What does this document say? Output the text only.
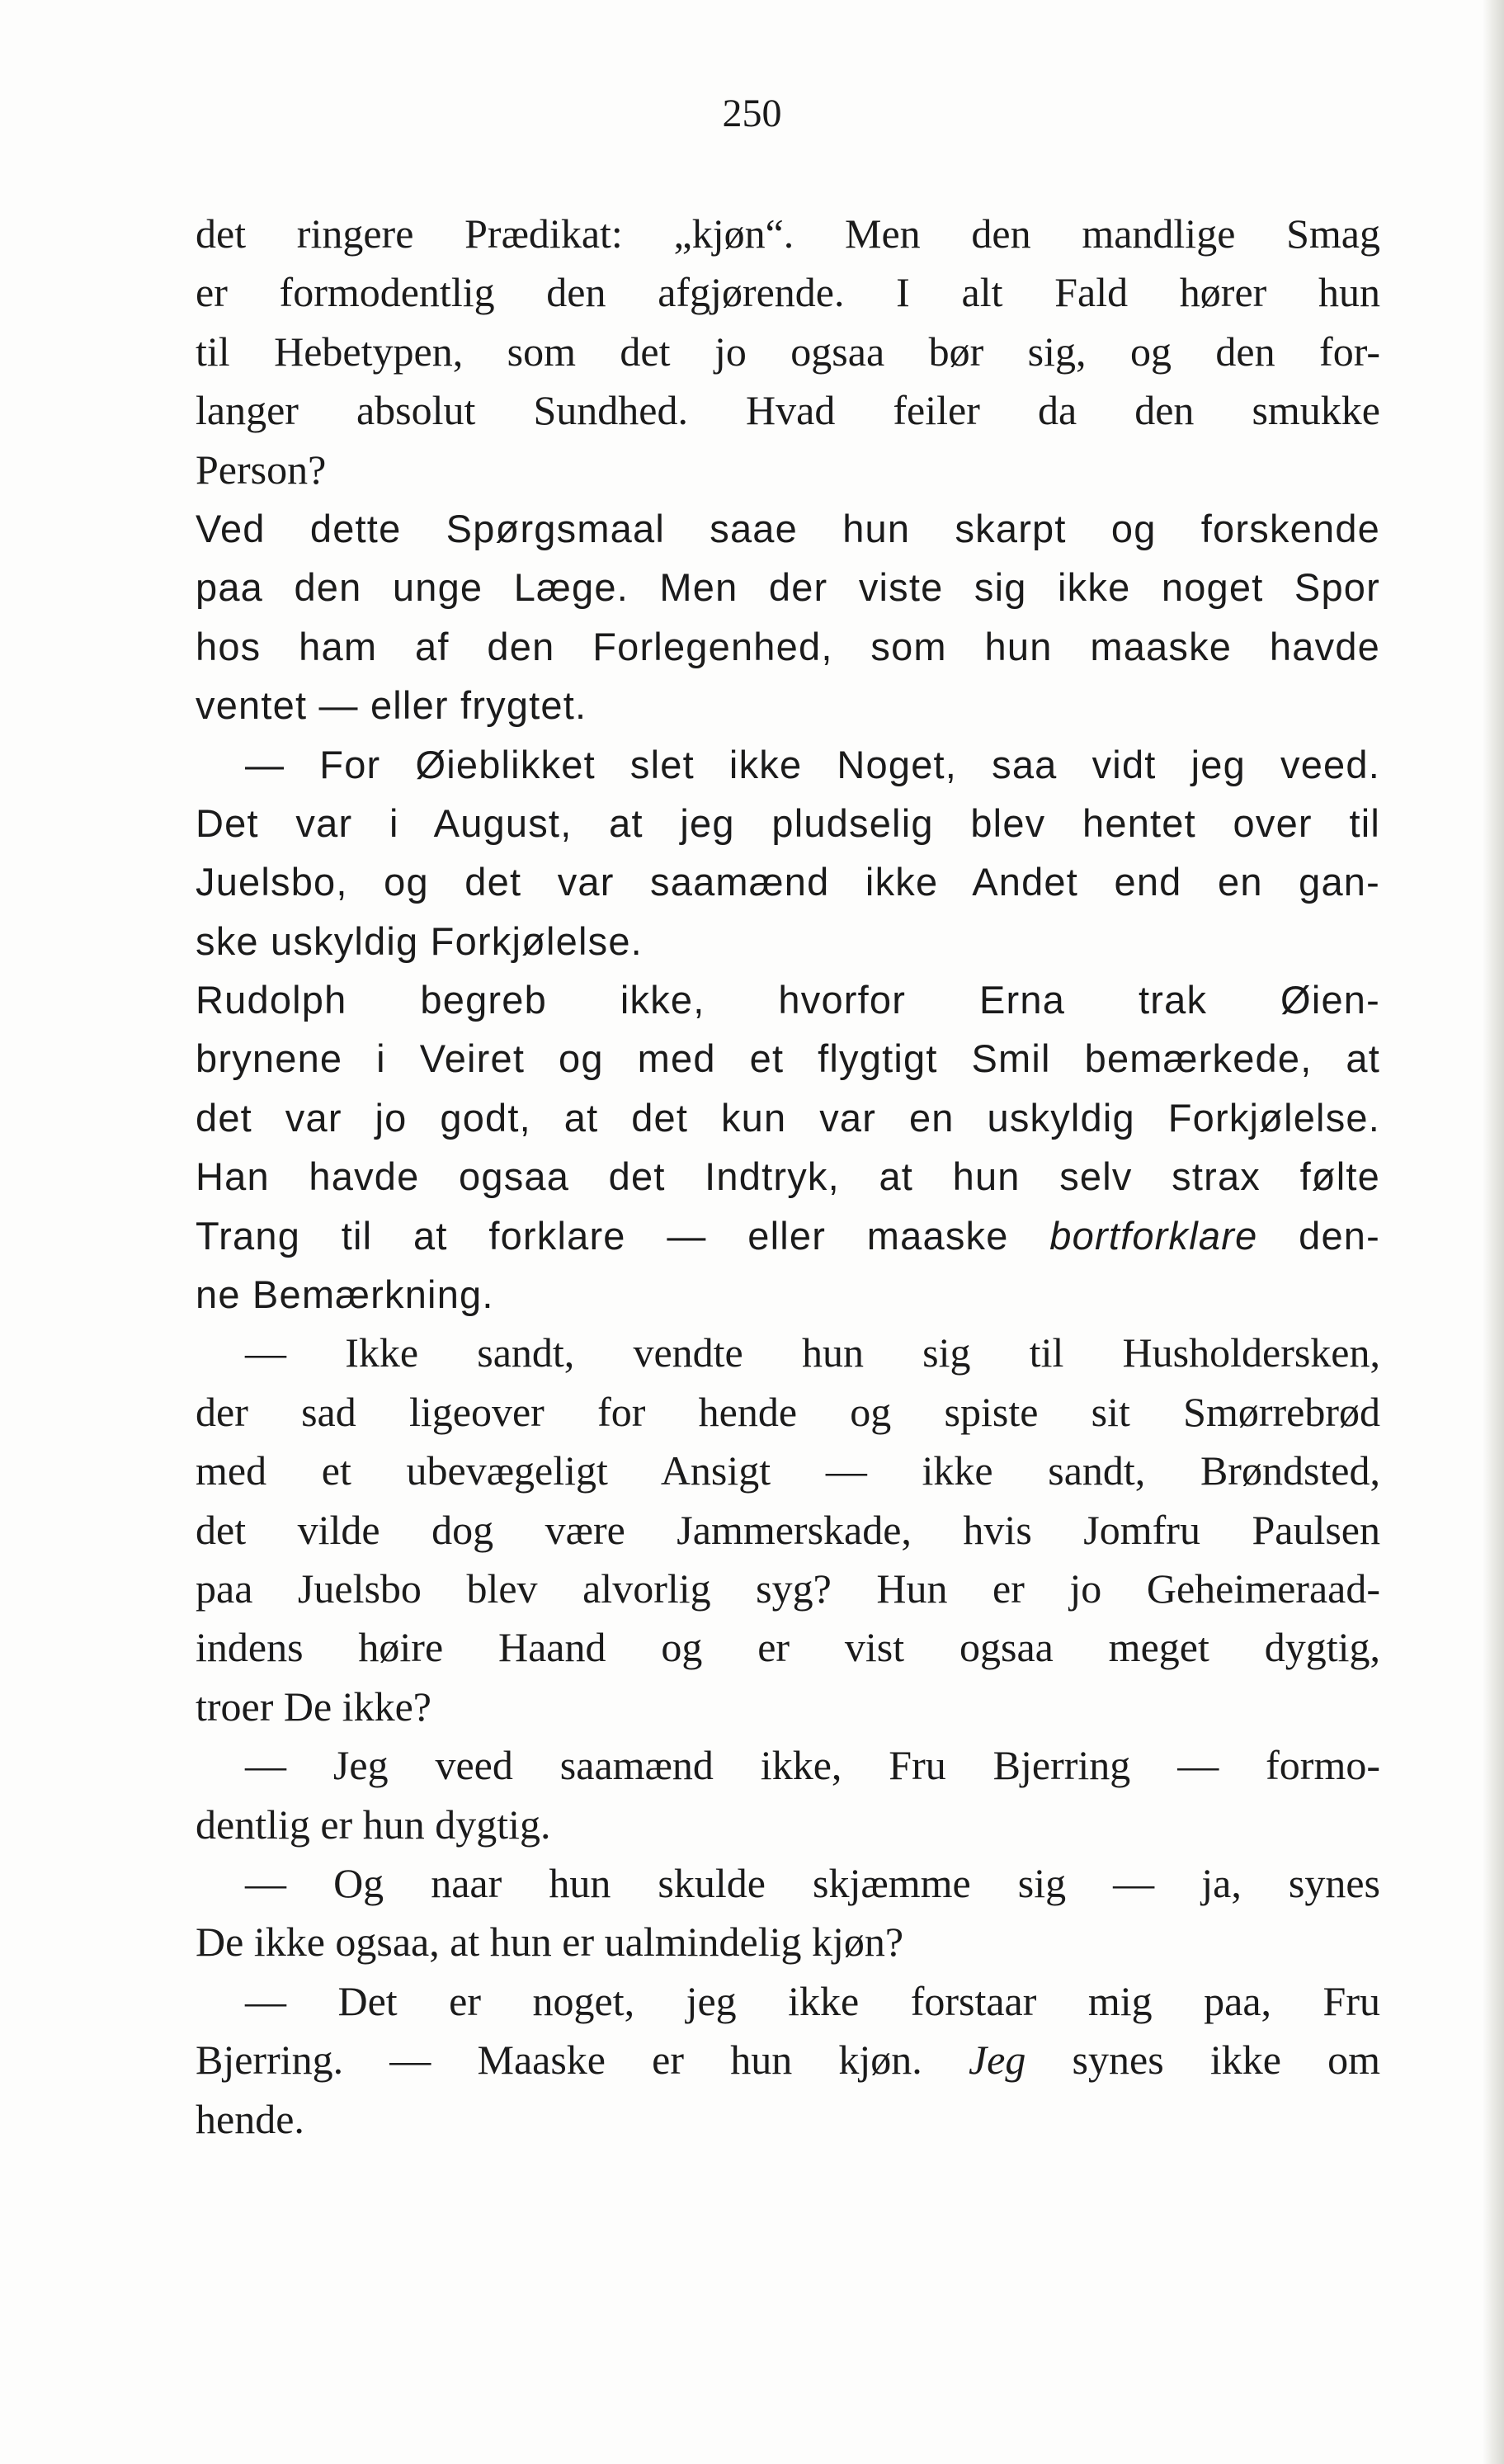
250
det ringere Prædikat: „kjøn“. Men den mandlige Smag
er formodentlig den afgjørende. I alt Fald hører hun
til Hebetypen, som det jo ogsaa bør sig, og den for-
langer absolut Sundhed. Hvad feiler da den smukke
Person?
Ved dette Spørgsmaal saae hun skarpt og forskende
paa den unge Læge. Men der viste sig ikke noget Spor
hos ham af den Forlegenhed, som hun maaske havde
ventet — eller frygtet.
— For Øieblikket slet ikke Noget, saa vidt jeg veed.
Det var i August, at jeg pludselig blev hentet over til
Juelsbo, og det var saamænd ikke Andet end en gan-
ske uskyldig Forkjølelse.
Rudolph begreb ikke, hvorfor Erna trak Øien-
brynene i Veiret og med et flygtigt Smil bemærkede, at
det var jo godt, at det kun var en uskyldig Forkjølelse.
Han havde ogsaa det Indtryk, at hun selv strax følte
Trang til at forklare — eller maaske bortforklare den-
ne Bemærkning.
— Ikke sandt, vendte hun sig til Husholdersken,
der sad ligeover for hende og spiste sit Smørrebrød
med et ubevægeligt Ansigt — ikke sandt, Brøndsted,
det vilde dog være Jammerskade, hvis Jomfru Paulsen
paa Juelsbo blev alvorlig syg? Hun er jo Geheimeraad-
indens høire Haand og er vist ogsaa meget dygtig,
troer De ikke?
— Jeg veed saamænd ikke, Fru Bjerring — formo-
dentlig er hun dygtig.
— Og naar hun skulde skjæmme sig — ja, synes
De ikke ogsaa, at hun er ualmindelig kjøn?
— Det er noget, jeg ikke forstaar mig paa, Fru
Bjerring. — Maaske er hun kjøn. Jeg synes ikke om
hende.
